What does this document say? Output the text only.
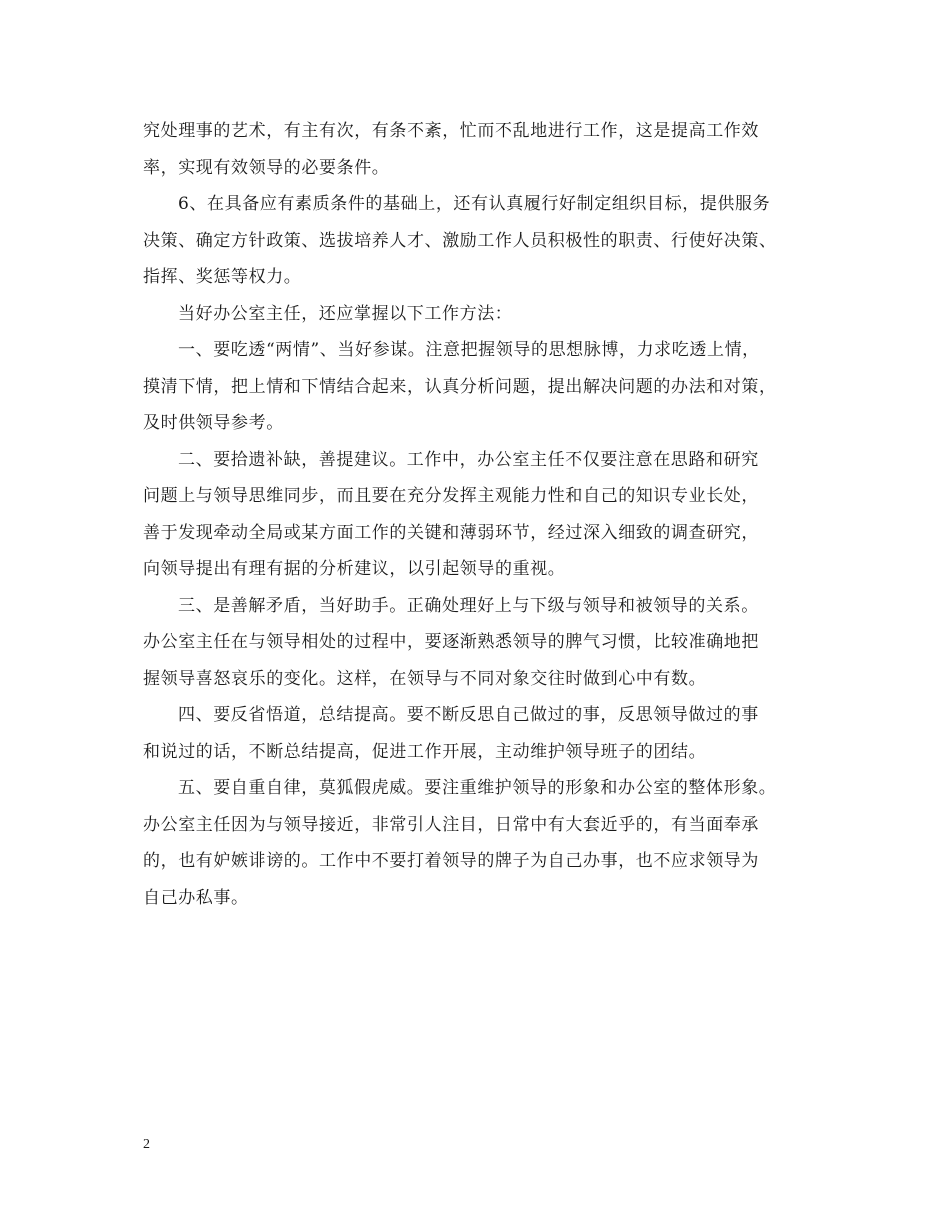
究处理事的艺术，有主有次，有条不紊，忙而不乱地进行工作，这是提高工作效
率，实现有效领导的必要条件。

6、在具备应有素质条件的基础上，还有认真履行好制定组织目标，提供服务
决策、确定方针政策、选拔培养人才、激励工作人员积极性的职责、行使好决策、
指挥、奖惩等权力。

当好办公室主任，还应掌握以下工作方法：

一、要吃透“两情”、当好参谋。注意把握领导的思想脉博，力求吃透上情，
摸清下情，把上情和下情结合起来，认真分析问题，提出解决问题的办法和对策，
及时供领导参考。

二、要拾遗补缺，善提建议。工作中，办公室主任不仅要注意在思路和研究
问题上与领导思维同步，而且要在充分发挥主观能力性和自己的知识专业长处，
善于发现牵动全局或某方面工作的关键和薄弱环节，经过深入细致的调查研究，
向领导提出有理有据的分析建议，以引起领导的重视。

三、是善解矛盾，当好助手。正确处理好上与下级与领导和被领导的关系。
办公室主任在与领导相处的过程中，要逐渐熟悉领导的脾气习惯，比较准确地把
握领导喜怒哀乐的变化。这样，在领导与不同对象交往时做到心中有数。

四、要反省悟道，总结提高。要不断反思自己做过的事，反思领导做过的事
和说过的话，不断总结提高，促进工作开展，主动维护领导班子的团结。

五、要自重自律，莫狐假虎威。要注重维护领导的形象和办公室的整体形象。
办公室主任因为与领导接近，非常引人注目，日常中有大套近乎的，有当面奉承
的，也有妒嫉诽谤的。工作中不要打着领导的牌子为自己办事，也不应求领导为
自己办私事。

2
